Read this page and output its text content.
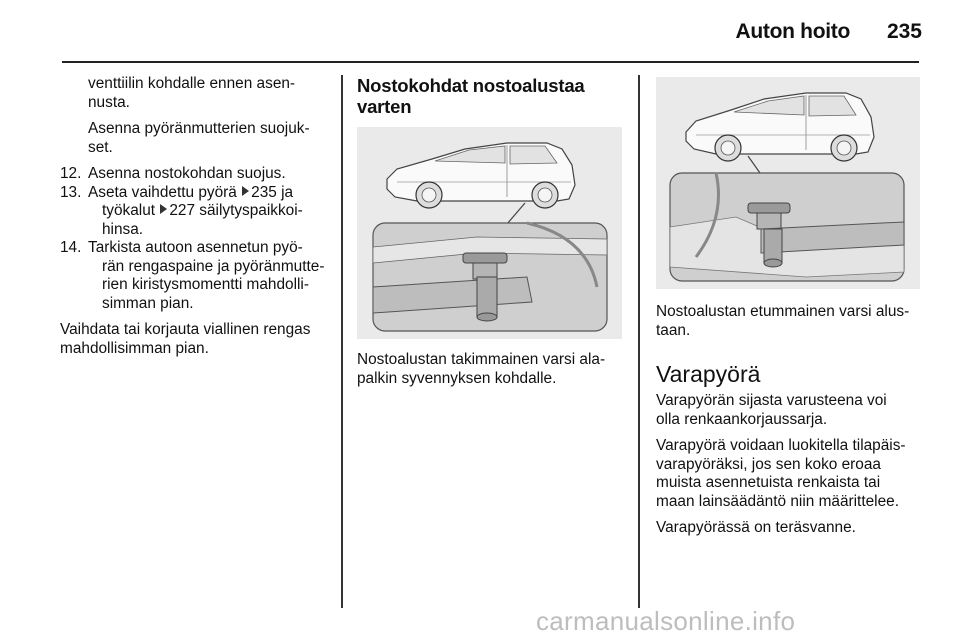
Auton hoito	235

venttiilin kohdalle ennen asen-
nusta.

Asenna pyöränmutterien suojuk-
set.

12. Asenna nostokohdan suojus.
13. Aseta vaihdettu pyörä 235 ja
työkalut 227 säilytyspaikkoi-
hinsa.
14. Tarkista autoon asennetun pyö-
rän rengaspaine ja pyöränmutte-
rien kiristysmomentti mahdolli-
simman pian.

Vaihdata tai korjauta viallinen rengas
mahdollisimman pian.

Nostokohdat nostoalustaa
varten

Nostoalustan takimmainen varsi ala-
palkin syvennyksen kohdalle.

Nostoalustan etummainen varsi alus-
taan.

Varapyörä

Varapyörän sijasta varusteena voi
olla renkaankorjaussarja.

Varapyörä voidaan luokitella tilapäis-
varapyöräksi, jos sen koko eroaa
muista asennetuista renkaista tai
maan lainsäädäntö niin määrittelee.

Varapyörässä on teräsvanne.

carmanualsonline.info
